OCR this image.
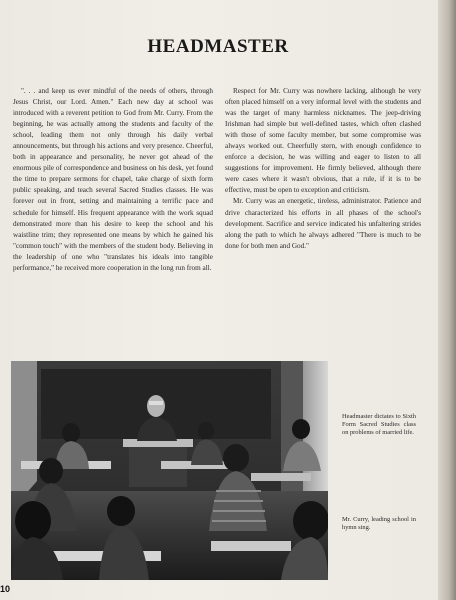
HEADMASTER

". . . and keep us ever mindful of the needs of others, through Jesus Christ, our Lord. Amen." Each new day at school was introduced with a reverent petition to God from Mr. Curry. From the beginning, he was actually among the students and faculty of the school, leading them not only through his daily verbal announcements, but through his actions and very presence. Cheerful, both in appearance and personality, he never got ahead of the enormous pile of correspondence and business on his desk, yet found the time to prepare sermons for chapel, take charge of sixth form public speaking, and teach several Sacred Studies classes. He was forever out in front, setting and maintaining a terrific pace and schedule for himself. His frequent appearance with the work squad demonstrated more than his desire to keep the school and his waistline trim; they represented one means by which he gained his "common touch" with the members of the student body. Believing in the leadership of one who "translates his ideals into tangible performance," he received more cooperation in the long run from all.

Respect for Mr. Curry was nowhere lacking, although he very often placed himself on a very informal level with the students and was the target of many harmless nicknames. The jeep-driving Irishman had simple but well-defined tastes, which often clashed with those of some faculty member, but some compromise was always worked out. Cheerfully stern, with enough confidence to enforce a decision, he was willing and eager to listen to all suggestions for improvement. He firmly believed, although there were cases where it wasn't obvious, that a rule, if it is to be effective, must be open to exception and criticism.

Mr. Curry was an energetic, tireless, administrator. Patience and drive characterized his efforts in all phases of the school's development. Sacrifice and service indicated his unfaltering strides along the path to which he always adhered "There is much to be done for both men and God."

Headmaster dictates to Sixth Form Sacred Studies class on problems of married life.
Mr. Curry, leading school in hymn sing.
10
